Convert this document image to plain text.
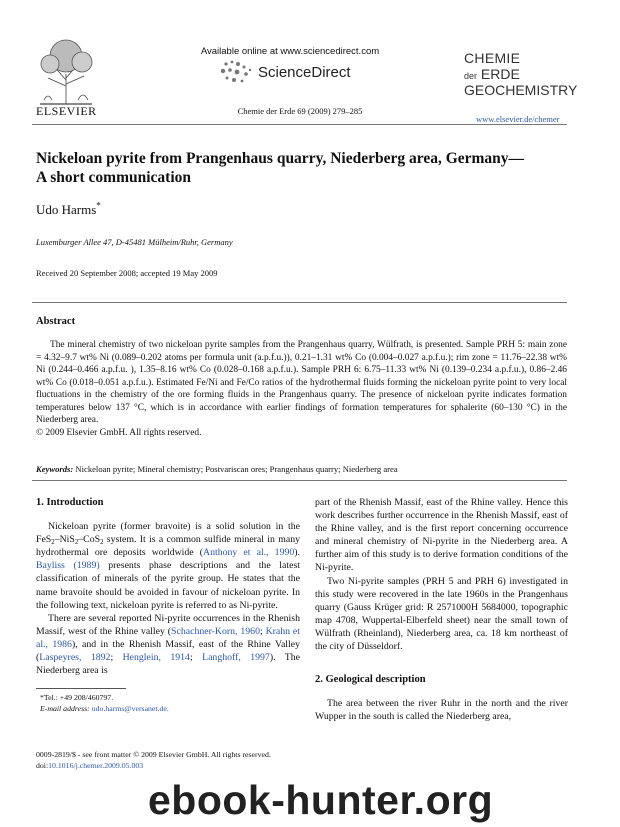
ELSEVIER
Available online at www.sciencedirect.com
ScienceDirect
Chemie der Erde 69 (2009) 279–285
CHEMIE
der ERDE
GEOCHEMISTRY
www.elsevier.de/chemer
Nickeloan pyrite from Prangenhaus quarry, Niederberg area, Germany—
A short communication
Udo Harms*
Luxemburger Allee 47, D-45481 Mülheim/Ruhr, Germany
Received 20 September 2008; accepted 19 May 2009
Abstract
The mineral chemistry of two nickeloan pyrite samples from the Prangenhaus quarry, Wülfrath, is presented. Sample PRH 5: main zone = 4.32–9.7 wt% Ni (0.089–0.202 atoms per formula unit (a.p.f.u.)), 0.21–1.31 wt% Co (0.004–0.027 a.p.f.u.); rim zone = 11.76–22.38 wt% Ni (0.244–0.466 a.p.f.u. ), 1.35–8.16 wt% Co (0.028–0.168 a.p.f.u.). Sample PRH 6: 6.75–11.33 wt% Ni (0.139–0.234 a.p.f.u.), 0.86–2.46 wt% Co (0.018–0.051 a.p.f.u.). Estimated Fe/Ni and Fe/Co ratios of the hydrothermal fluids forming the nickeloan pyrite point to very local fluctuations in the chemistry of the ore forming fluids in the Prangenhaus quarry. The presence of nickeloan pyrite indicates formation temperatures below 137 °C, which is in accordance with earlier findings of formation temperatures for sphalerite (60–130 °C) in the Niederberg area.
© 2009 Elsevier GmbH. All rights reserved.
Keywords: Nickeloan pyrite; Mineral chemistry; Postvariscan ores; Prangenhaus quarry; Niederberg area
1. Introduction

Nickeloan pyrite (former bravoite) is a solid solution in the FeS$_2$–NiS$_2$–CoS$_2$ system. It is a common sulfide mineral in many hydrothermal ore deposits worldwide (Anthony et al., 1990). Bayliss (1989) presents phase descriptions and the latest classification of minerals of the pyrite group. He states that the name bravoite should be avoided in favour of nickeloan pyrite. In the following text, nickeloan pyrite is referred to as Ni-pyrite.

There are several reported Ni-pyrite occurrences in the Rhenish Massif, west of the Rhine valley (Schachner-Korn, 1960; Krahn et al., 1986), and in the Rhenish Massif, east of the Rhine Valley (Laspeyres, 1892; Henglein, 1914; Langhoff, 1997). The Niederberg area is

part of the Rhenish Massif, east of the Rhine valley. Hence this work describes further occurrence in the Rhenish Massif, east of the Rhine valley, and is the first report concerning occurrence and mineral chemistry of Ni-pyrite in the Niederberg area. A further aim of this study is to derive formation conditions of the Ni-pyrite.

Two Ni-pyrite samples (PRH 5 and PRH 6) investigated in this study were recovered in the late 1960s in the Prangenhaus quarry (Gauss Krüger grid: R 2571000H 5684000, topographic map 4708, Wuppertal-Elberfeld sheet) near the small town of Wülfrath (Rheinland), Niederberg area, ca. 18 km northeast of the city of Düsseldorf.

2. Geological description

The area between the river Ruhr in the north and the river Wupper in the south is called the Niederberg area,

*Tel.: +49 208/460797.
E-mail address: udo.harms@versanet.de.
0009-2819/$ - see front matter © 2009 Elsevier GmbH. All rights reserved.
doi:10.1016/j.chemer.2009.05.003
ebook-hunter.org
